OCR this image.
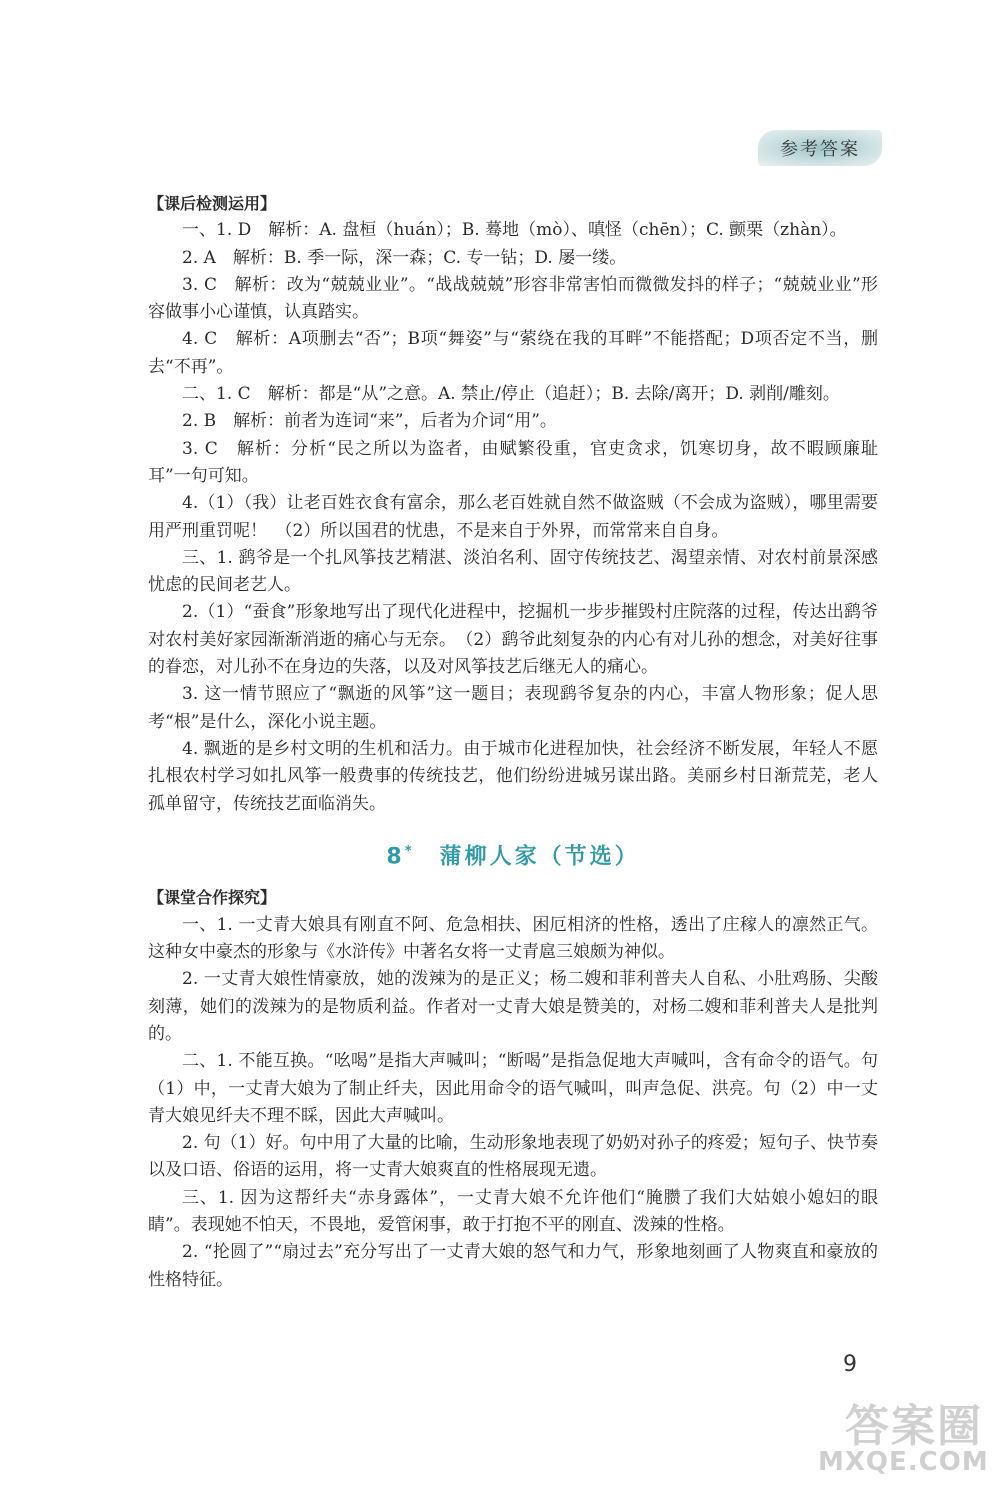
参考答案

【课后检测运用】

一、1. D　解析：A. 盘桓（huán）；B. 蓦地（mò）、嗔怪（chēn）；C. 颤栗（zhàn）。

2. A　解析：B. 季一际，深一森；C. 专一钻；D. 屡一缕。

3. C　解析：改为“兢兢业业”。“战战兢兢”形容非常害怕而微微发抖的样子；“兢兢业业”形容做事小心谨慎，认真踏实。

4. C　解析：A项删去“否”；B项“舞姿”与“萦绕在我的耳畔”不能搭配；D项否定不当，删去“不再”。

二、1. C　解析：都是“从”之意。A. 禁止/停止（追赶）；B. 去除/离开；D. 剥削/雕刻。

2. B　解析：前者为连词“来”，后者为介词“用”。

3. C　解析：分析“民之所以为盗者，由赋繁役重，官吏贪求，饥寒切身，故不暇顾廉耻耳”一句可知。

4.（1）（我）让老百姓衣食有富余，那么老百姓就自然不做盗贼（不会成为盗贼），哪里需要用严刑重罚呢！　（2）所以国君的忧患，不是来自于外界，而常常来自自身。

三、1. 鹞爷是一个扎风筝技艺精湛、淡泊名利、固守传统技艺、渴望亲情、对农村前景深感忧虑的民间老艺人。

2.（1）“蚕食”形象地写出了现代化进程中，挖掘机一步步摧毁村庄院落的过程，传达出鹞爷对农村美好家园渐渐消逝的痛心与无奈。　（2）鹞爷此刻复杂的内心有对儿孙的想念，对美好往事的眷恋，对儿孙不在身边的失落，以及对风筝技艺后继无人的痛心。

3. 这一情节照应了“飘逝的风筝”这一题目；表现鹞爷复杂的内心，丰富人物形象；促人思考“根”是什么，深化小说主题。

4. 飘逝的是乡村文明的生机和活力。由于城市化进程加快，社会经济不断发展，年轻人不愿扎根农村学习如扎风筝一般费事的传统技艺，他们纷纷进城另谋出路。美丽乡村日渐荒芜，老人孤单留守，传统技艺面临消失。

8*　 蒲柳人家（节选）

【课堂合作探究】

一、1. 一丈青大娘具有刚直不阿、危急相扶、困厄相济的性格，透出了庄稼人的凛然正气。这种女中豪杰的形象与《水浒传》中著名女将一丈青扈三娘颇为神似。

2. 一丈青大娘性情豪放，她的泼辣为的是正义；杨二嫂和菲利普夫人自私、小肚鸡肠、尖酸刻薄，她们的泼辣为的是物质利益。作者对一丈青大娘是赞美的，对杨二嫂和菲利普夫人是批判的。

二、1. 不能互换。“吆喝”是指大声喊叫；“断喝”是指急促地大声喊叫，含有命令的语气。句（1）中，一丈青大娘为了制止纤夫，因此用命令的语气喊叫，叫声急促、洪亮。句（2）中一丈青大娘见纤夫不理不睬，因此大声喊叫。

2. 句（1）好。句中用了大量的比喻，生动形象地表现了奶奶对孙子的疼爱；短句子、快节奏以及口语、俗语的运用，将一丈青大娘爽直的性格展现无遗。

三、1. 因为这帮纤夫“赤身露体”，一丈青大娘不允许他们“腌臜了我们大姑娘小媳妇的眼睛”。表现她不怕天，不畏地，爱管闲事，敢于打抱不平的刚直、泼辣的性格。

2. “抡圆了”“扇过去”充分写出了一丈青大娘的怒气和力气，形象地刻画了人物爽直和豪放的性格特征。

9
答案圈
MXQE.COM
